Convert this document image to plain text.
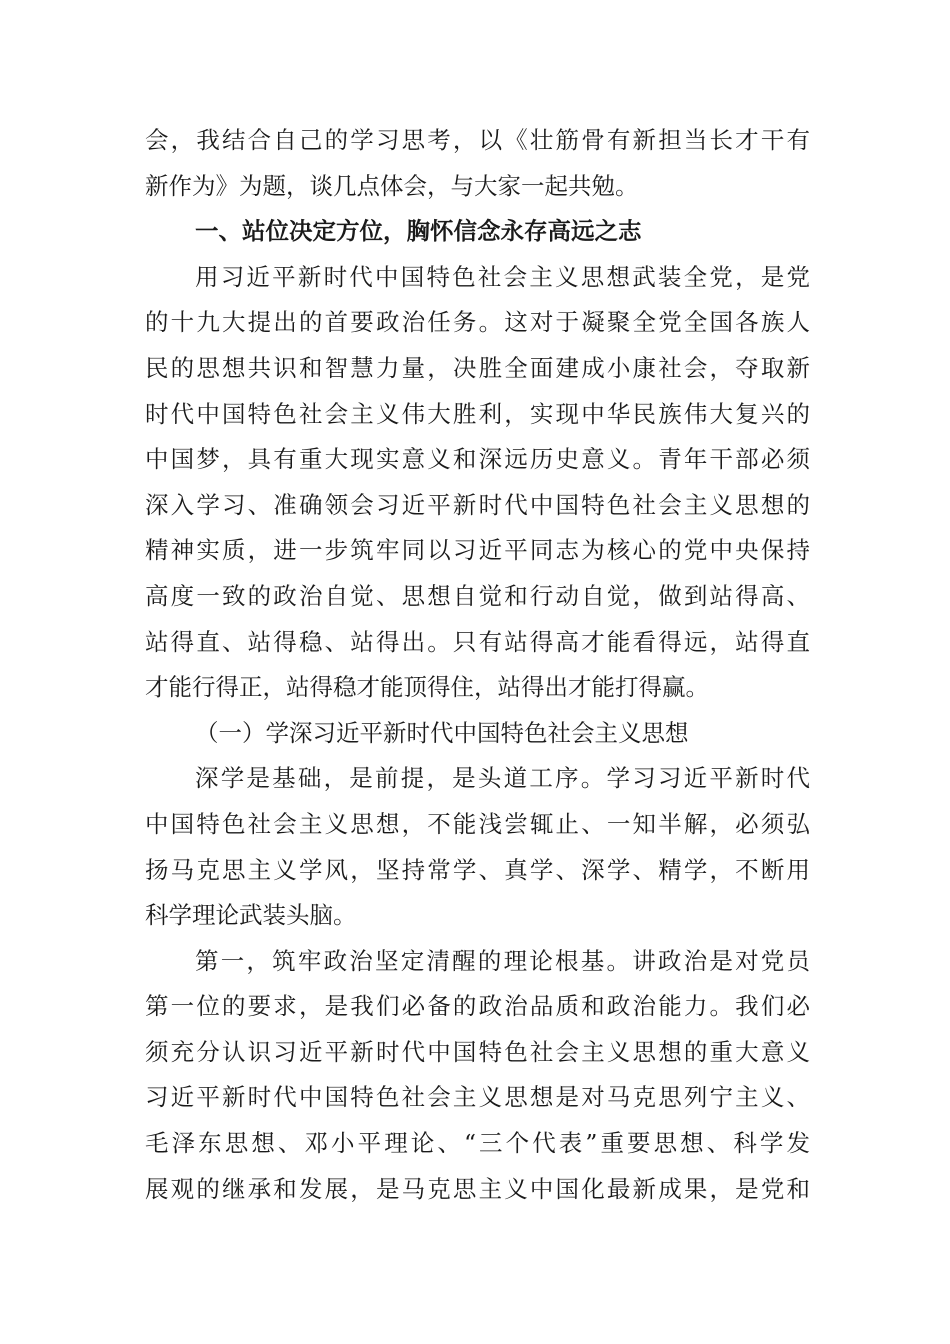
会，我结合自己的学习思考，以《壮筋骨有新担当长才干有
新作为》为题，谈几点体会，与大家一起共勉。
一、站位决定方位，胸怀信念永存高远之志
用习近平新时代中国特色社会主义思想武装全党，是党
的十九大提出的首要政治任务。这对于凝聚全党全国各族人
民的思想共识和智慧力量，决胜全面建成小康社会，夺取新
时代中国特色社会主义伟大胜利，实现中华民族伟大复兴的
中国梦，具有重大现实意义和深远历史意义。青年干部必须
深入学习、准确领会习近平新时代中国特色社会主义思想的
精神实质，进一步筑牢同以习近平同志为核心的党中央保持
高度一致的政治自觉、思想自觉和行动自觉，做到站得高、
站得直、站得稳、站得出。只有站得高才能看得远，站得直
才能行得正，站得稳才能顶得住，站得出才能打得赢。
（一）学深习近平新时代中国特色社会主义思想
深学是基础，是前提，是头道工序。学习习近平新时代
中国特色社会主义思想，不能浅尝辄止、一知半解，必须弘
扬马克思主义学风，坚持常学、真学、深学、精学，不断用
科学理论武装头脑。
第一，筑牢政治坚定清醒的理论根基。讲政治是对党员
第一位的要求，是我们必备的政治品质和政治能力。我们必
须充分认识习近平新时代中国特色社会主义思想的重大意义
习近平新时代中国特色社会主义思想是对马克思列宁主义、
毛泽东思想、邓小平理论、“三个代表”重要思想、科学发
展观的继承和发展，是马克思主义中国化最新成果，是党和
